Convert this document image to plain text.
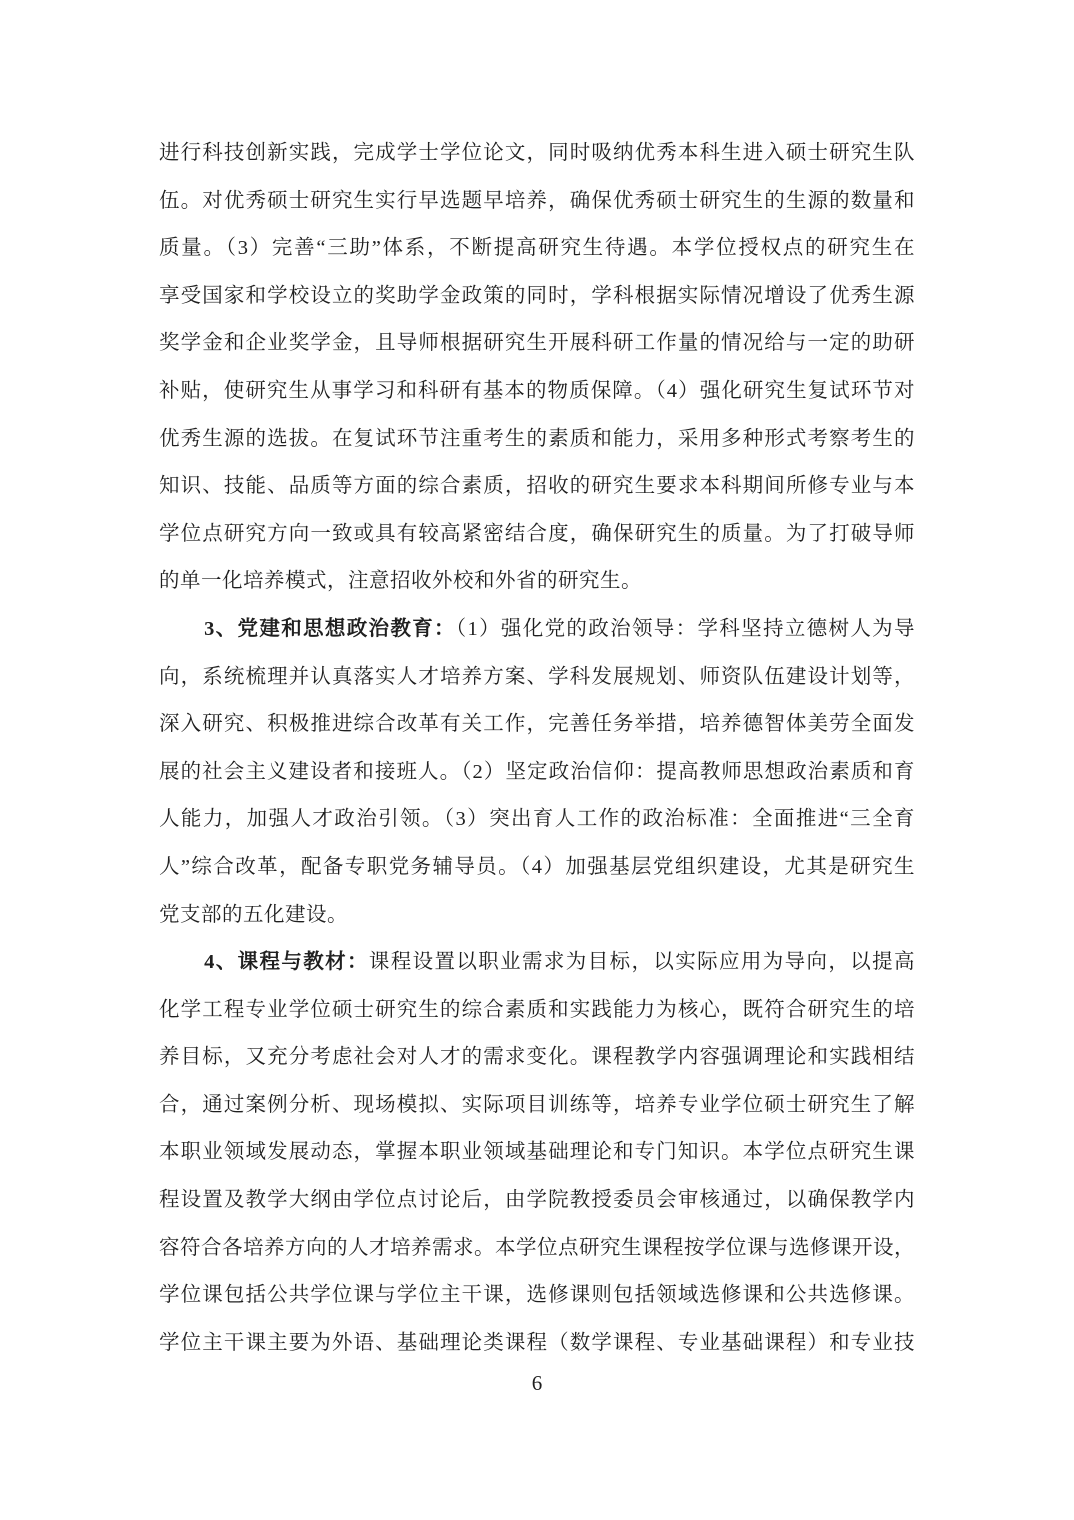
进行科技创新实践，完成学士学位论文，同时吸纳优秀本科生进入硕士研究生队
伍。对优秀硕士研究生实行早选题早培养，确保优秀硕士研究生的生源的数量和
质量。（3）完善“三助”体系，不断提高研究生待遇。本学位授权点的研究生在
享受国家和学校设立的奖助学金政策的同时，学科根据实际情况增设了优秀生源
奖学金和企业奖学金，且导师根据研究生开展科研工作量的情况给与一定的助研
补贴，使研究生从事学习和科研有基本的物质保障。（4）强化研究生复试环节对
优秀生源的选拔。在复试环节注重考生的素质和能力，采用多种形式考察考生的
知识、技能、品质等方面的综合素质，招收的研究生要求本科期间所修专业与本
学位点研究方向一致或具有较高紧密结合度，确保研究生的质量。为了打破导师
的单一化培养模式，注意招收外校和外省的研究生。
3、党建和思想政治教育：（1）强化党的政治领导：学科坚持立德树人为导
向，系统梳理并认真落实人才培养方案、学科发展规划、师资队伍建设计划等，
深入研究、积极推进综合改革有关工作，完善任务举措，培养德智体美劳全面发
展的社会主义建设者和接班人。（2）坚定政治信仰：提高教师思想政治素质和育
人能力，加强人才政治引领。（3）突出育人工作的政治标准：全面推进“三全育
人”综合改革，配备专职党务辅导员。（4）加强基层党组织建设，尤其是研究生
党支部的五化建设。
4、课程与教材：课程设置以职业需求为目标，以实际应用为导向，以提高
化学工程专业学位硕士研究生的综合素质和实践能力为核心，既符合研究生的培
养目标，又充分考虑社会对人才的需求变化。课程教学内容强调理论和实践相结
合，通过案例分析、现场模拟、实际项目训练等，培养专业学位硕士研究生了解
本职业领域发展动态，掌握本职业领域基础理论和专门知识。本学位点研究生课
程设置及教学大纲由学位点讨论后，由学院教授委员会审核通过，以确保教学内
容符合各培养方向的人才培养需求。本学位点研究生课程按学位课与选修课开设，
学位课包括公共学位课与学位主干课，选修课则包括领域选修课和公共选修课。
学位主干课主要为外语、基础理论类课程（数学课程、专业基础课程）和专业技
6
